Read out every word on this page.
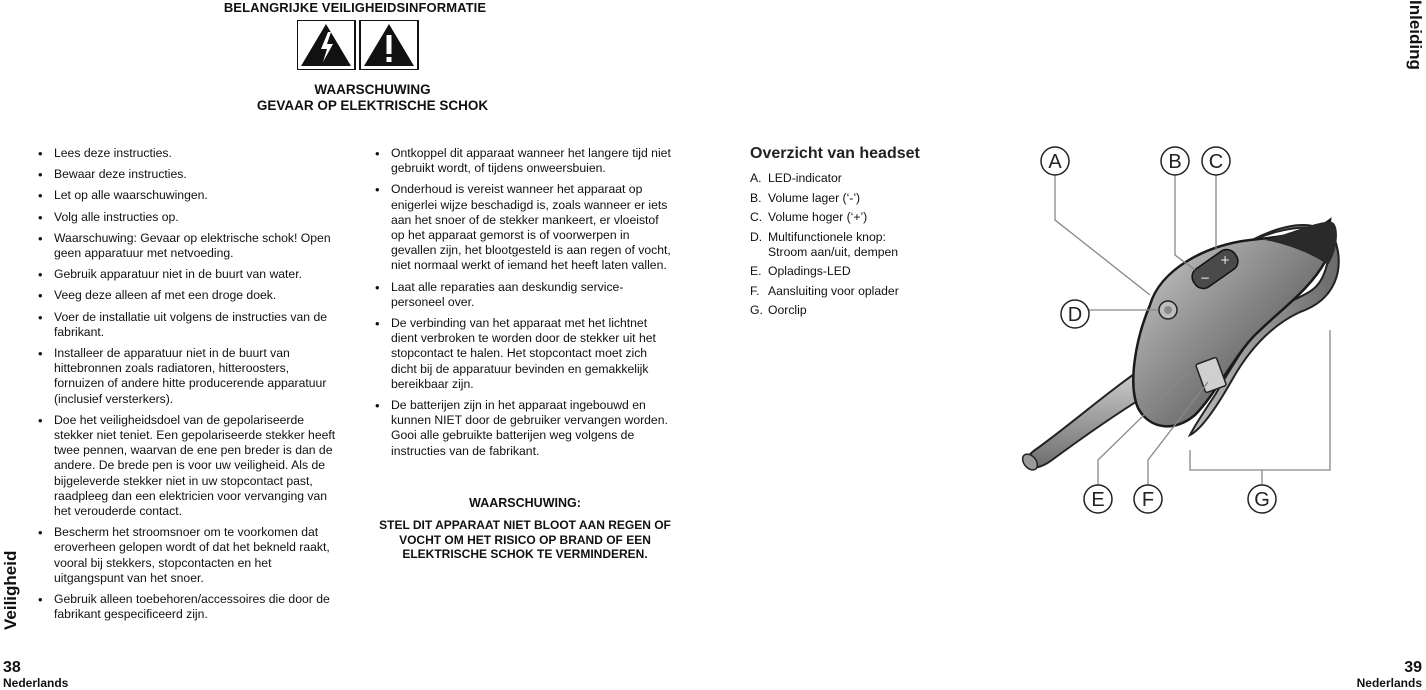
BELANGRIJKE VEILIGHEIDSINFORMATIE
WAARSCHUWING
GEVAAR OP ELEKTRISCHE SCHOK
• Lees deze instructies.
• Bewaar deze instructies.
• Let op alle waarschuwingen.
• Volg alle instructies op.
• Waarschuwing: Gevaar op elektrische schok! Open geen apparatuur met netvoeding.
• Gebruik apparatuur niet in de buurt van water.
• Veeg deze alleen af met een droge doek.
• Voer de installatie uit volgens de instructies van de fabrikant.
• Installeer de apparatuur niet in de buurt van hittebronnen zoals radiatoren, hitteroosters, fornuizen of andere hitte producerende apparatuur (inclusief versterkers).
• Doe het veiligheidsdoel van de gepolariseerde stekker niet teniet. Een gepolariseerde stekker heeft twee pennen, waarvan de ene pen breder is dan de andere. De brede pen is voor uw veiligheid. Als de bijgeleverde stekker niet in uw stopcontact past, raadpleeg dan een elektricien voor vervanging van het verouderde contact.
• Bescherm het stroomsnoer om te voorkomen dat eroverheen gelopen wordt of dat het bekneld raakt, vooral bij stekkers, stopcontacten en het uitgangspunt van het snoer.
• Gebruik alleen toebehoren/accessoires die door de fabrikant gespecificeerd zijn.
• Ontkoppel dit apparaat wanneer het langere tijd niet gebruikt wordt, of tijdens onweersbuien.
• Onderhoud is vereist wanneer het apparaat op enigerlei wijze beschadigd is, zoals wanneer er iets aan het snoer of de stekker mankeert, er vloeistof op het apparaat gemorst is of voorwerpen in gevallen zijn, het blootgesteld is aan regen of vocht, niet normaal werkt of iemand het heeft laten vallen.
• Laat alle reparaties aan deskundig service-personeel over.
• De verbinding van het apparaat met het lichtnet dient verbroken te worden door de stekker uit het stopcontact te halen. Het stopcontact moet zich dicht bij de apparatuur bevinden en gemakkelijk bereikbaar zijn.
• De batterijen zijn in het apparaat ingebouwd en kunnen NIET door de gebruiker vervangen worden. Gooi alle gebruikte batterijen weg volgens de instructies van de fabrikant.
WAARSCHUWING:
STEL DIT APPARAAT NIET BLOOT AAN REGEN OF VOCHT OM HET RISICO OP BRAND OF EEN ELEKTRISCHE SCHOK TE VERMINDEREN.
Veiligheid
Inleiding
38
Nederlands
39
Nederlands
Overzicht van headset
A. LED-indicator
B. Volume lager (‘-’)
C. Volume hoger (‘+’)
D. Multifunctionele knop:
Stroom aan/uit, dempen
E. Opladings-LED
F. Aansluiting voor oplader
G. Oorclip
−
+
A	B C
D
E F	G
